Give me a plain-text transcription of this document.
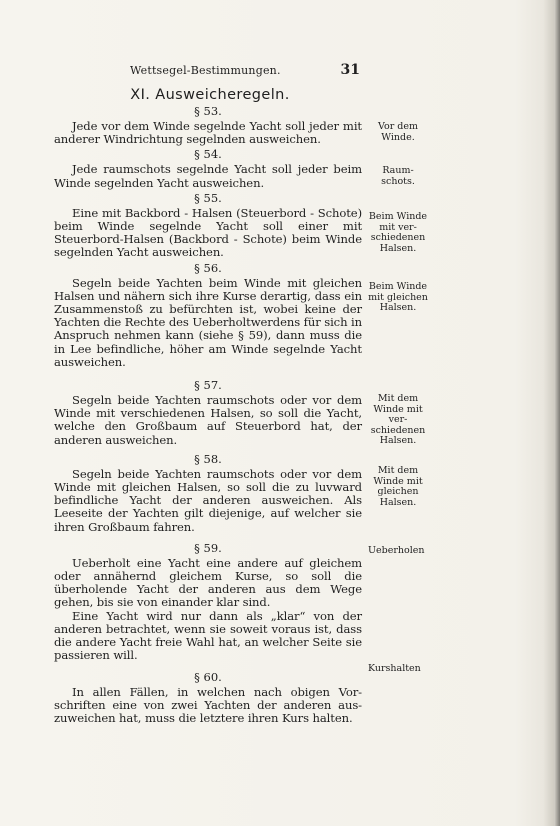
Wettsegel-Bestimmungen.	31
XI. Ausweicheregeln.

§ 53.

Jede vor dem Winde segelnde Yacht soll jeder mit anderer Windrichtung segelnden ausweichen.

§ 54.

Jede raumschots segelnde Yacht soll jeder beim Winde segelnden Yacht ausweichen.

§ 55.

Eine mit Backbord - Halsen (Steuerbord - Schote) beim Winde segelnde Yacht soll einer mit Steuerbord-Halsen (Backbord - Schote) beim Winde segelnden Yacht ausweichen.

§ 56.

Segeln beide Yachten beim Winde mit gleichen Halsen und nähern sich ihre Kurse derartig, dass ein Zusammenstoß zu befürchten ist, wobei keine der Yachten die Rechte des Ueberholtwerdens für sich in Anspruch nehmen kann (siehe § 59), dann muss die in Lee befindliche, höher am Winde segelnde Yacht ausweichen.

§ 57.

Segeln beide Yachten raumschots oder vor dem Winde mit verschiedenen Halsen, so soll die Yacht, welche den Großbaum auf Steuerbord hat, der anderen ausweichen.

§ 58.

Segeln beide Yachten raumschots oder vor dem Winde mit gleichen Halsen, so soll die zu luvward befindliche Yacht der anderen ausweichen. Als Leeseite der Yachten gilt diejenige, auf welcher sie ihren Großbaum fahren.

§ 59.

Ueberholt eine Yacht eine andere auf gleichem oder annähernd gleichem Kurse, so soll die überholende Yacht der anderen aus dem Wege gehen, bis sie von einander klar sind.

Eine Yacht wird nur dann als „klar“ von der anderen betrachtet, wenn sie soweit voraus ist, dass die andere Yacht freie Wahl hat, an welcher Seite sie passieren will.

§ 60.

In allen Fällen, in welchen nach obigen Vor-schriften eine von zwei Yachten der anderen aus-zuweichen hat, muss die letztere ihren Kurs halten.

Vor dem Winde.
Raum-schots.
Beim Winde mit ver-schiedenen Halsen.
Beim Winde mit gleichen Halsen.
Mit dem Winde mit ver-schiedenen Halsen.
Mit dem Winde mit gleichen Halsen.
Ueberholen
Kurshalten
